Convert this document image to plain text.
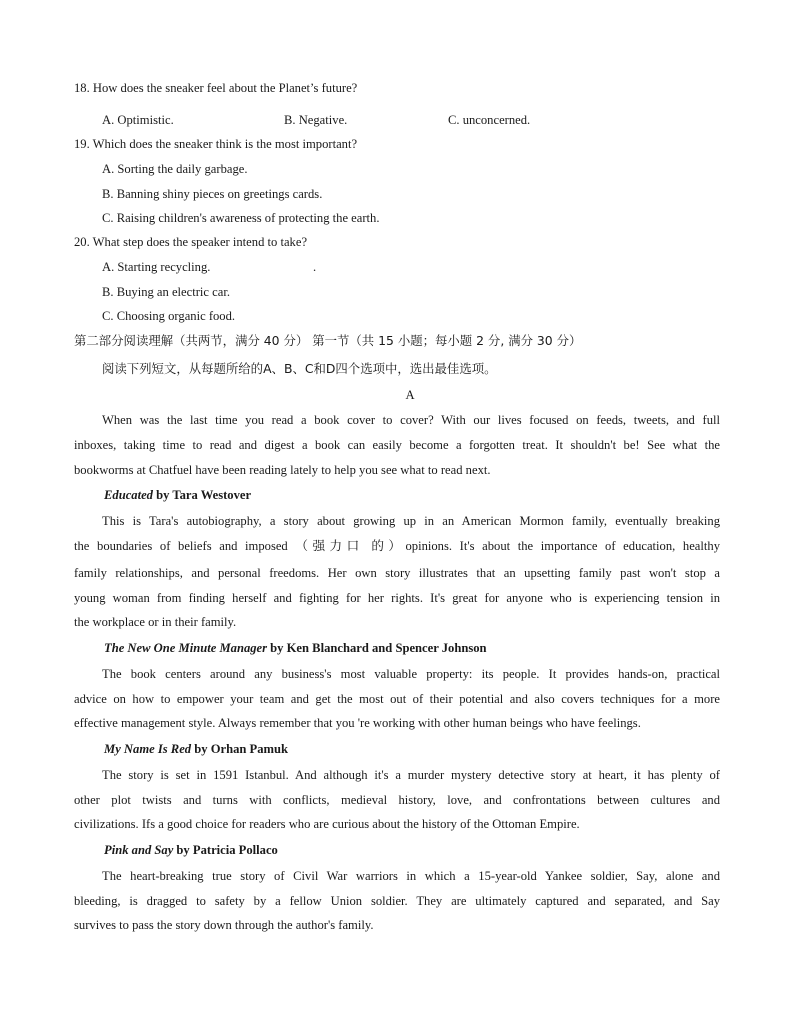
18. How does the sneaker feel about the Planet’s future?
A. Optimistic.	B. Negative.	C. unconcerned.
19. Which does the sneaker think is the most important?
A. Sorting the daily garbage.
B. Banning shiny pieces on greetings cards.
C. Raising children's awareness of protecting the earth.
20. What step does the speaker intend to take?
A. Starting recycling.	.
B. Buying an electric car.
C. Choosing organic food.
第二部分阅读理解（共两节，满分 40 分） 第一节（共 15 小题；每小题 2 分, 满分 30 分）
阅读下列短文，从每题所给的A、B、C和D四个选项中，选出最佳选项。
A
When was the last time you read a book cover to cover? With our lives focused on feeds, tweets, and full
inboxes, taking time to read and digest a book can easily become a forgotten treat. It shouldn't be! See what the
bookworms at Chatfuel have been reading lately to help you see what to read next.
Educated by Tara Westover
This is Tara's autobiography, a story about growing up in an American Mormon family, eventually breaking
the boundaries of beliefs and imposed （强力口 的）opinions. It's about the importance of education, healthy
family relationships, and personal freedoms. Her own story illustrates that an upsetting family past won't stop a
young woman from finding herself and fighting for her rights. It's great for anyone who is experiencing tension in
the workplace or in their family.
The New One Minute Manager by Ken Blanchard and Spencer Johnson
The book centers around any business's most valuable property: its people. It provides hands-on, practical
advice on how to empower your team and get the most out of their potential and also covers techniques for a more
effective management style. Always remember that you 're working with other human beings who have feelings.
My Name Is Red by Orhan Pamuk
The story is set in 1591 Istanbul. And although it's a murder mystery detective story at heart, it has plenty of
other plot twists and turns with conflicts, medieval history, love, and confrontations between cultures and
civilizations. Ifs a good choice for readers who are curious about the history of the Ottoman Empire.
Pink and Say by Patricia Pollaco
The heart-breaking true story of Civil War warriors in which a 15-year-old Yankee soldier, Say, alone and
bleeding, is dragged to safety by a fellow Union soldier. They are ultimately captured and separated, and Say
survives to pass the story down through the author's family.
